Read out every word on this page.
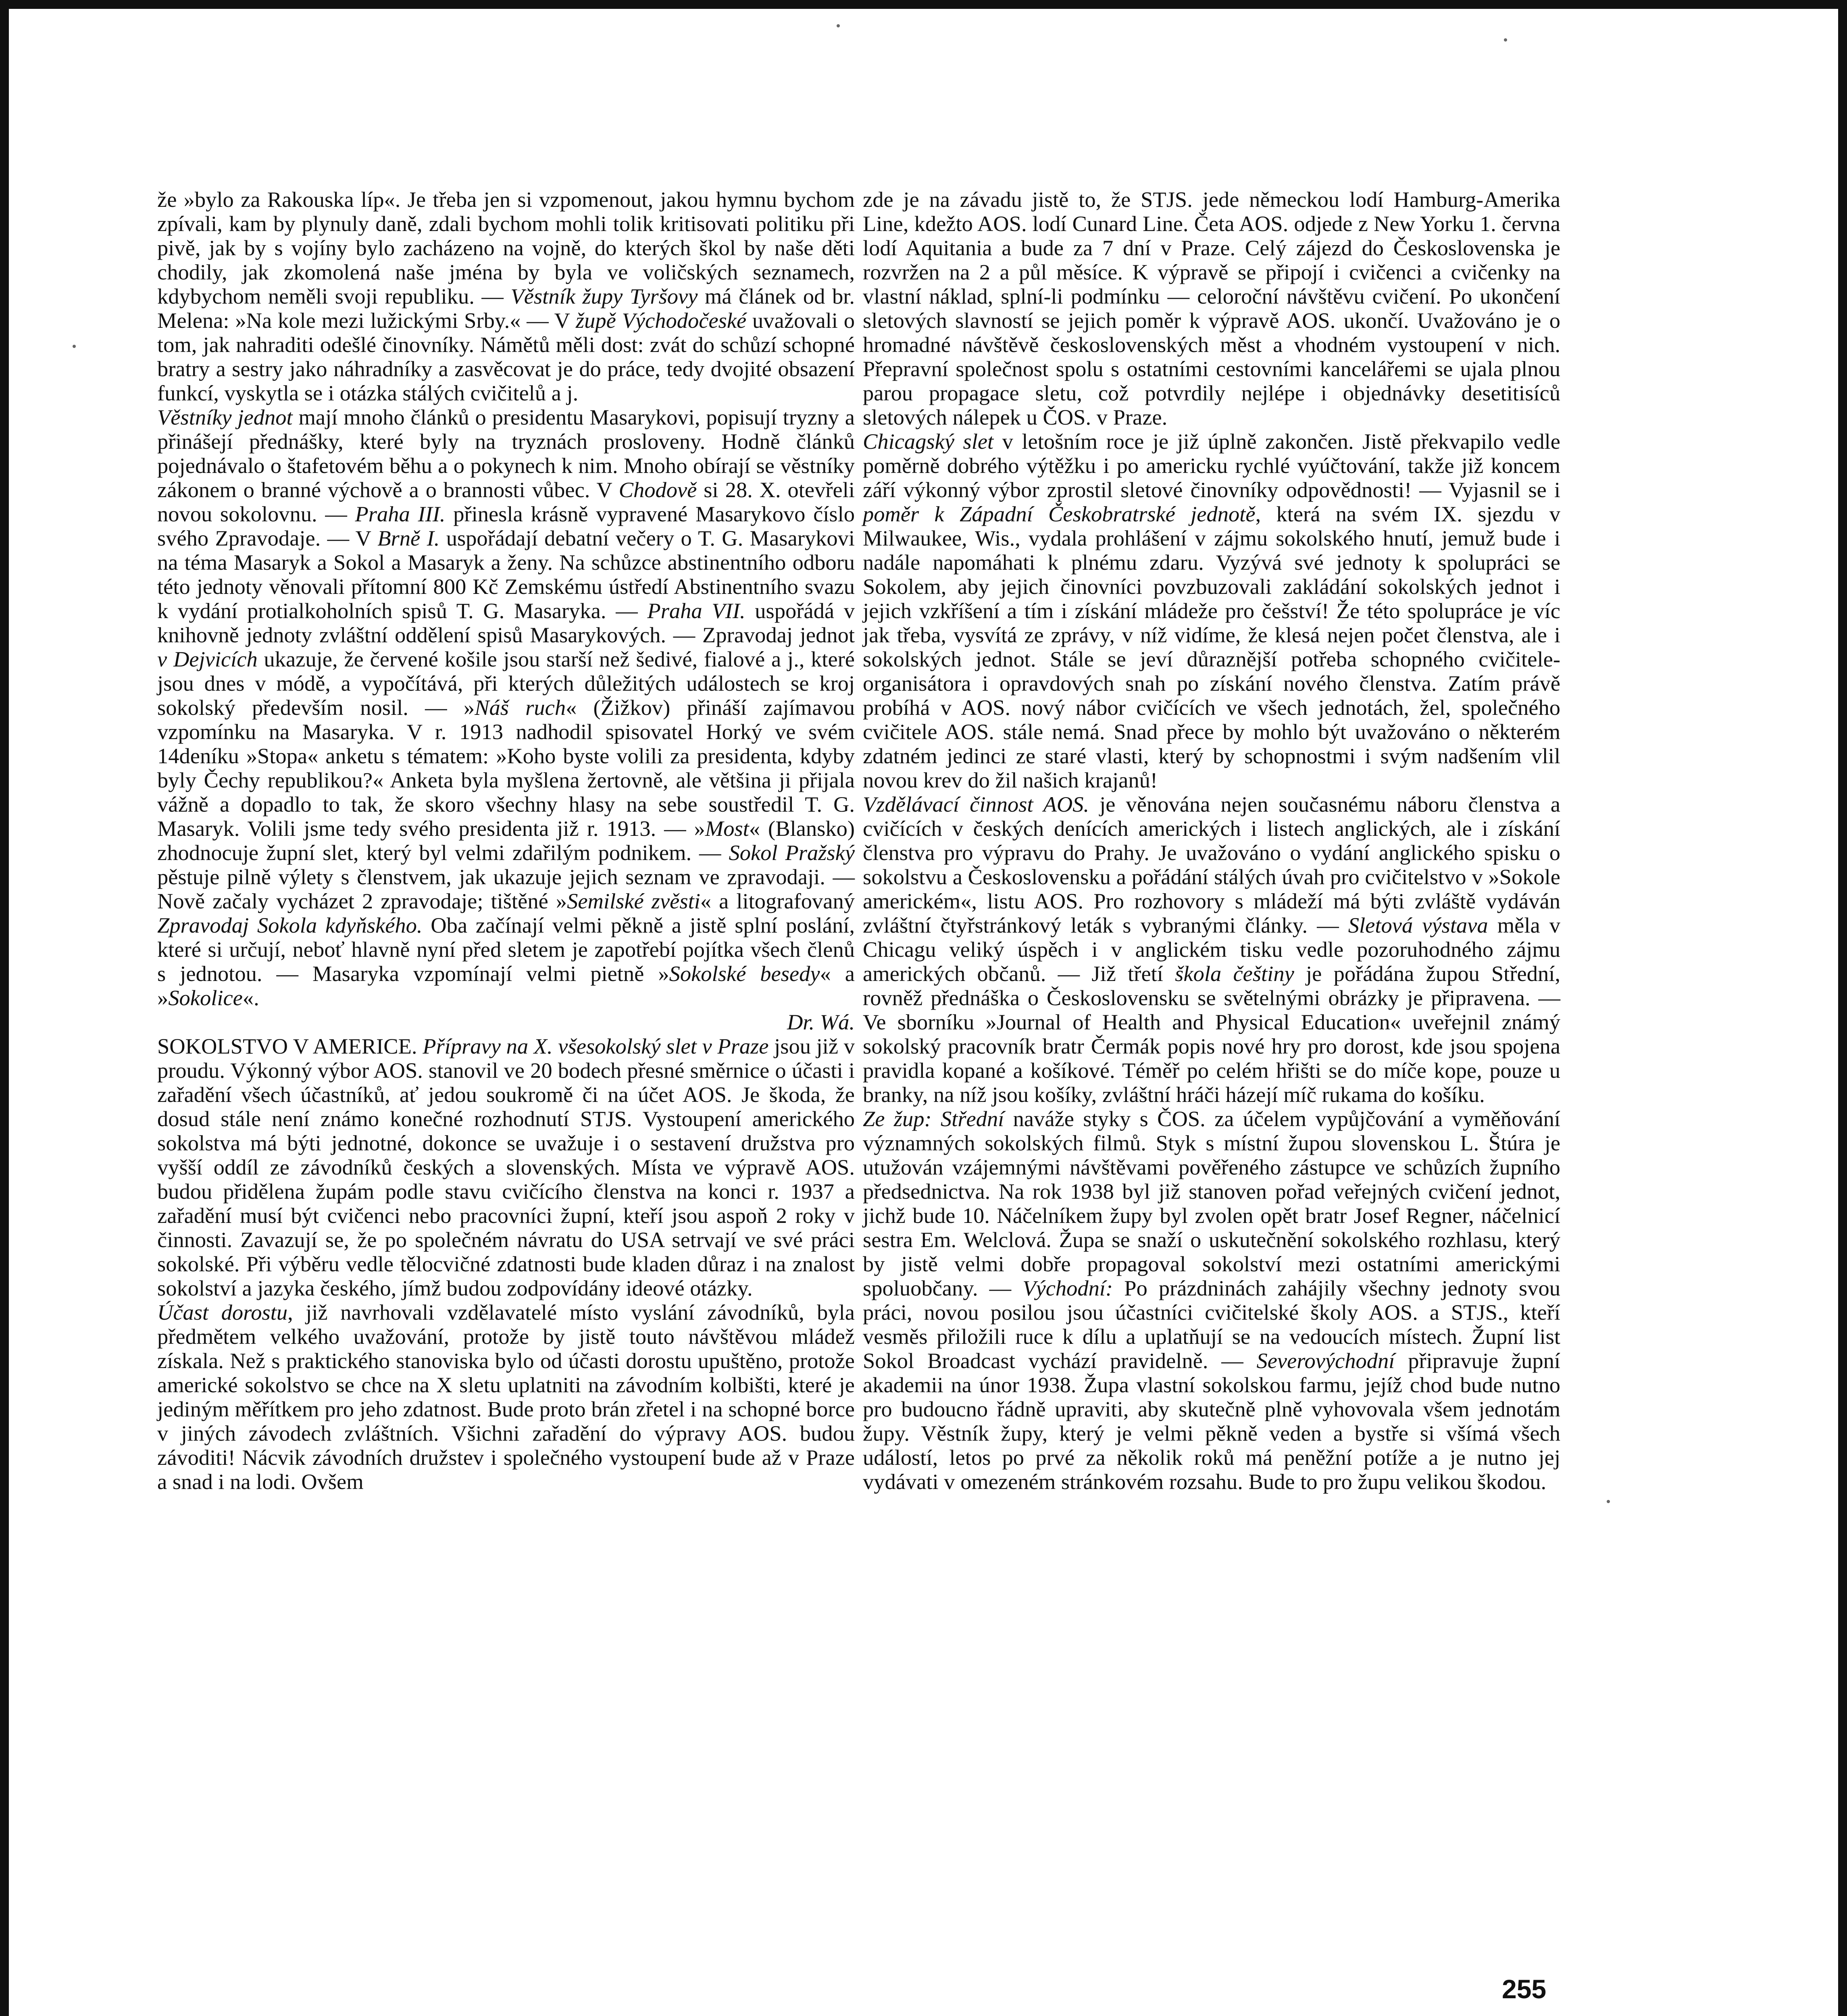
že »bylo za Rakouska líp«. Je třeba jen si vzpomenout, jakou hymnu bychom zpívali, kam by plynuly daně, zdali bychom mohli tolik kritisovati politiku při pivě, jak by s vojíny bylo zacházeno na vojně, do kterých škol by naše děti chodily, jak zkomolená naše jména by byla ve voličských seznamech, kdybychom neměli svoji republiku. — Věstník župy Tyršovy má článek od br. Melena: »Na kole mezi lužickými Srby.« — V župě Východočeské uvažovali o tom, jak nahraditi odešlé činovníky. Námětů měli dost: zvát do schůzí schopné bratry a sestry jako náhradníky a zasvěcovat je do práce, tedy dvojité obsazení funkcí, vyskytla se i otázka stálých cvičitelů a j.

Věstníky jednot mají mnoho článků o presidentu Masarykovi, popisují tryzny a přinášejí přednášky, které byly na tryznách prosloveny. Hodně článků pojednávalo o štafetovém běhu a o pokynech k nim. Mnoho obírají se věstníky zákonem o branné výchově a o brannosti vůbec. V Chodově si 28. X. otevřeli novou sokolovnu. — Praha III. přinesla krásně vypravené Masarykovo číslo svého Zpravodaje. — V Brně I. uspořádají debatní večery o T. G. Masarykovi na téma Masaryk a Sokol a Masaryk a ženy. Na schůzce abstinentního odboru této jednoty věnovali přítomní 800 Kč Zemskému ústředí Abstinentního svazu k vydání protialkoholních spisů T. G. Masaryka. — Praha VII. uspořádá v knihovně jednoty zvláštní oddělení spisů Masarykových. — Zpravodaj jednot v Dejvicích ukazuje, že červené košile jsou starší než šedivé, fialové a j., které jsou dnes v módě, a vypočítává, při kterých důležitých událostech se kroj sokolský především nosil. — »Náš ruch« (Žižkov) přináší zajímavou vzpomínku na Masaryka. V r. 1913 nadhodil spisovatel Horký ve svém 14deníku »Stopa« anketu s tématem: »Koho byste volili za presidenta, kdyby byly Čechy republikou?« Anketa byla myšlena žertovně, ale většina ji přijala vážně a dopadlo to tak, že skoro všechny hlasy na sebe soustředil T. G. Masaryk. Volili jsme tedy svého presidenta již r. 1913. — »Most« (Blansko) zhodnocuje župní slet, který byl velmi zdařilým podnikem. — Sokol Pražský pěstuje pilně výlety s členstvem, jak ukazuje jejich seznam ve zpravodaji. — Nově začaly vycházet 2 zpravodaje; tištěné »Semilské zvěsti« a litografovaný Zpravodaj Sokola kdyňského. Oba začínají velmi pěkně a jistě splní poslání, které si určují, neboť hlavně nyní před sletem je zapotřebí pojítka všech členů s jednotou. — Masaryka vzpomínají velmi pietně »Sokolské besedy« a »Sokolice«.

Dr. Wá.

SOKOLSTVO V AMERICE. Přípravy na X. všesokolský slet v Praze jsou již v proudu. Výkonný výbor AOS. stanovil ve 20 bodech přesné směrnice o účasti i zařadění všech účastníků, ať jedou soukromě či na účet AOS. Je škoda, že dosud stále není známo konečné rozhodnutí STJS. Vystoupení amerického sokolstva má býti jednotné, dokonce se uvažuje i o sestavení družstva pro vyšší oddíl ze závodníků českých a slovenských. Místa ve výpravě AOS. budou přidělena župám podle stavu cvičícího členstva na konci r. 1937 a zařadění musí být cvičenci nebo pracovníci župní, kteří jsou aspoň 2 roky v činnosti. Zavazují se, že po společném návratu do USA setrvají ve své práci sokolské. Při výběru vedle tělocvičné zdatnosti bude kladen důraz i na znalost sokolství a jazyka českého, jímž budou zodpovídány ideové otázky.

Účast dorostu, již navrhovali vzdělavatelé místo vyslání závodníků, byla předmětem velkého uvažování, protože by jistě touto návštěvou mládež získala. Než s praktického stanoviska bylo od účasti dorostu upuštěno, protože americké sokolstvo se chce na X sletu uplatniti na závodním kolbišti, které je jediným měřítkem pro jeho zdatnost. Bude proto brán zřetel i na schopné borce v jiných závodech zvláštních. Všichni zařadění do výpravy AOS. budou závoditi! Nácvik závodních družstev i společného vystoupení bude až v Praze a snad i na lodi. Ovšem

zde je na závadu jistě to, že STJS. jede německou lodí Hamburg-Amerika Line, kdežto AOS. lodí Cunard Line. Četa AOS. odjede z New Yorku 1. června lodí Aquitania a bude za 7 dní v Praze. Celý zájezd do Československa je rozvržen na 2 a půl měsíce. K výpravě se připojí i cvičenci a cvičenky na vlastní náklad, splní-li podmínku — celoroční návštěvu cvičení. Po ukončení sletových slavností se jejich poměr k výpravě AOS. ukončí. Uvažováno je o hromadné návštěvě československých měst a vhodném vystoupení v nich. Přepravní společnost spolu s ostatními cestovními kancelářemi se ujala plnou parou propagace sletu, což potvrdily nejlépe i objednávky desetitisíců sletových nálepek u ČOS. v Praze.

Chicagský slet v letošním roce je již úplně zakončen. Jistě překvapilo vedle poměrně dobrého výtěžku i po americku rychlé vyúčtování, takže již koncem září výkonný výbor zprostil sletové činovníky odpovědnosti! — Vyjasnil se i poměr k Západní Českobratrské jednotě, která na svém IX. sjezdu v Milwaukee, Wis., vydala prohlášení v zájmu sokolského hnutí, jemuž bude i nadále napomáhati k plnému zdaru. Vyzývá své jednoty k spolupráci se Sokolem, aby jejich činovníci povzbuzovali zakládání sokolských jednot i jejich vzkříšení a tím i získání mládeže pro češství! Že této spolupráce je víc jak třeba, vysvítá ze zprávy, v níž vidíme, že klesá nejen počet členstva, ale i sokolských jednot. Stále se jeví důraznější potřeba schopného cvičitele-organisátora i opravdových snah po získání nového členstva. Zatím právě probíhá v AOS. nový nábor cvičících ve všech jednotách, žel, společného cvičitele AOS. stále nemá. Snad přece by mohlo být uvažováno o některém zdatném jedinci ze staré vlasti, který by schopnostmi i svým nadšením vlil novou krev do žil našich krajanů!

Vzdělávací činnost AOS. je věnována nejen současnému náboru členstva a cvičících v českých denících amerických i listech anglických, ale i získání členstva pro výpravu do Prahy. Je uvažováno o vydání anglického spisku o sokolstvu a Československu a pořádání stálých úvah pro cvičitelstvo v »Sokole americkém«, listu AOS. Pro rozhovory s mládeží má býti zvláště vydáván zvláštní čtyřstránkový leták s vybranými články. — Sletová výstava měla v Chicagu veliký úspěch i v anglickém tisku vedle pozoruhodného zájmu amerických občanů. — Již třetí škola češtiny je pořádána župou Střední, rovněž přednáška o Československu se světelnými obrázky je připravena. — Ve sborníku »Journal of Health and Physical Education« uveřejnil známý sokolský pracovník bratr Čermák popis nové hry pro dorost, kde jsou spojena pravidla kopané a košíkové. Téměř po celém hřišti se do míče kope, pouze u branky, na níž jsou košíky, zvláštní hráči házejí míč rukama do košíku.

Ze žup: Střední naváže styky s ČOS. za účelem vypůjčování a vyměňování významných sokolských filmů. Styk s místní župou slovenskou L. Štúra je utužován vzájemnými návštěvami pověřeného zástupce ve schůzích župního předsednictva. Na rok 1938 byl již stanoven pořad veřejných cvičení jednot, jichž bude 10. Náčelníkem župy byl zvolen opět bratr Josef Regner, náčelnicí sestra Em. Welclová. Župa se snaží o uskutečnění sokolského rozhlasu, který by jistě velmi dobře propagoval sokolství mezi ostatními americkými spoluobčany. — Východní: Po prázdninách zahájily všechny jednoty svou práci, novou posilou jsou účastníci cvičitelské školy AOS. a STJS., kteří vesměs přiložili ruce k dílu a uplatňují se na vedoucích místech. Župní list Sokol Broadcast vychází pravidelně. — Severovýchodní připravuje župní akademii na únor 1938. Župa vlastní sokolskou farmu, jejíž chod bude nutno pro budoucno řádně upraviti, aby skutečně plně vyhovovala všem jednotám župy. Věstník župy, který je velmi pěkně veden a bystře si všímá všech událostí, letos po prvé za několik roků má peněžní potíže a je nutno jej vydávati v omezeném stránkovém rozsahu. Bude to pro župu velikou škodou.

255
